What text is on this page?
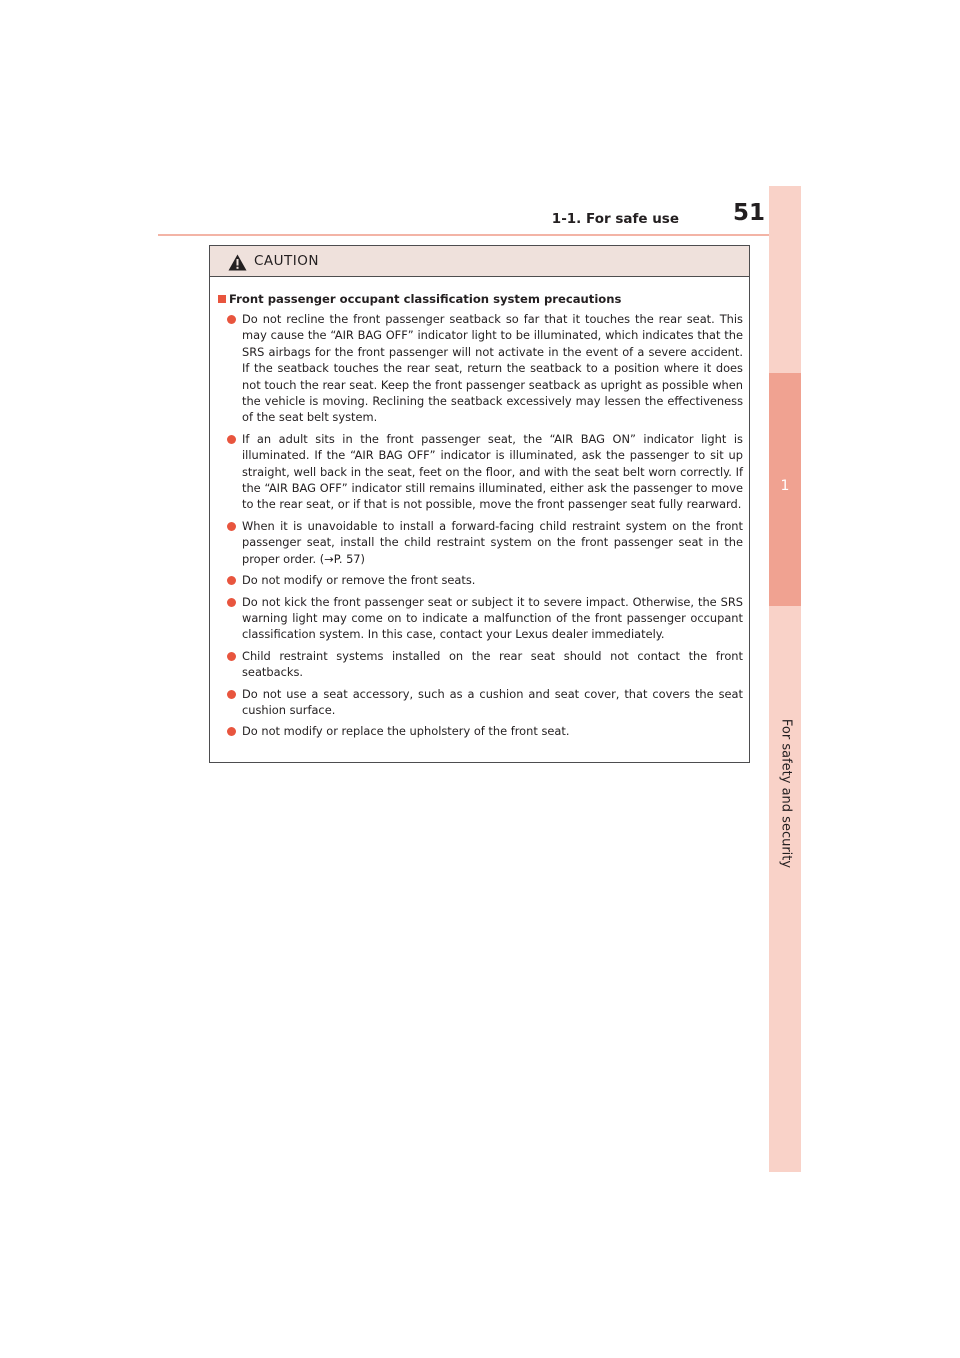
1-1. For safe use 51
1
For safety and security
CAUTION
Front passenger occupant classification system precautions
Do not recline the front passenger seatback so far that it touches the rear seat. This may cause the “AIR BAG OFF” indicator light to be illuminated, which indicates that the SRS airbags for the front passenger will not activate in the event of a severe accident. If the seatback touches the rear seat, return the seatback to a position where it does not touch the rear seat. Keep the front passenger seatback as upright as possible when the vehicle is moving. Reclining the seatback excessively may lessen the effectiveness of the seat belt system.
If an adult sits in the front passenger seat, the “AIR BAG ON” indicator light is illuminated. If the “AIR BAG OFF” indicator is illuminated, ask the passenger to sit up straight, well back in the seat, feet on the floor, and with the seat belt worn correctly. If the “AIR BAG OFF” indicator still remains illuminated, either ask the passenger to move to the rear seat, or if that is not possible, move the front passenger seat fully rearward.
When it is unavoidable to install a forward-facing child restraint system on the front passenger seat, install the child restraint system on the front passenger seat in the proper order. (→P. 57)
Do not modify or remove the front seats.
Do not kick the front passenger seat or subject it to severe impact. Otherwise, the SRS warning light may come on to indicate a malfunction of the front passenger occupant classification system. In this case, contact your Lexus dealer immediately.
Child restraint systems installed on the rear seat should not contact the front seatbacks.
Do not use a seat accessory, such as a cushion and seat cover, that covers the seat cushion surface.
Do not modify or replace the upholstery of the front seat.
